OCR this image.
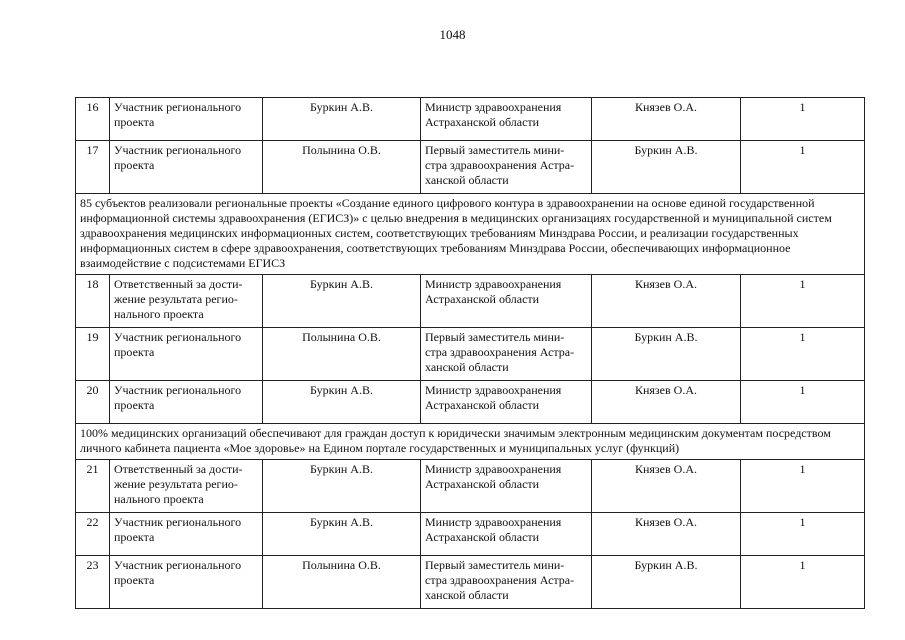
1048
16	Участник регионального
проекта	Буркин А.В.	Министр здравоохранения
Астраханской области	Князев О.А.	1

17	Участник регионального
проекта	Полынина О.В.	Первый заместитель мини-
стра здравоохранения Астра-
ханской области	Буркин А.В.	1

85 субъектов реализовали региональные проекты «Создание единого цифрового контура в здравоохранении на основе единой государственной информационной системы здравоохранения (ЕГИСЗ)» с целью внедрения в медицинских организациях государственной и муниципальной систем здравоохранения медицинских информационных систем, соответствующих требованиям Минздрава России, и реализации государственных информационных систем в сфере здравоохранения, соответствующих требованиям Минздрава России, обеспечивающих информационное взаимодействие с подсистемами ЕГИСЗ					

18	Ответственный за дости-
жение результата регио-
нального проекта	Буркин А.В.	Министр здравоохранения
Астраханской области	Князев О.А.	1

19	Участник регионального
проекта	Полынина О.В.	Первый заместитель мини-
стра здравоохранения Астра-
ханской области	Буркин А.В.	1

20	Участник регионального
проекта	Буркин А.В.	Министр здравоохранения
Астраханской области	Князев О.А.	1

100% медицинских организаций обеспечивают для граждан доступ к юридически значимым электронным медицинским документам посредством личного кабинета пациента «Мое здоровье» на Едином портале государственных и муниципальных услуг (функций)					

21	Ответственный за дости-
жение результата регио-
нального проекта	Буркин А.В.	Министр здравоохранения
Астраханской области	Князев О.А.	1

22	Участник регионального
проекта	Буркин А.В.	Министр здравоохранения
Астраханской области	Князев О.А.	1

23	Участник регионального
проекта	Полынина О.В.	Первый заместитель мини-
стра здравоохранения Астра-
ханской области	Буркин А.В.	1
